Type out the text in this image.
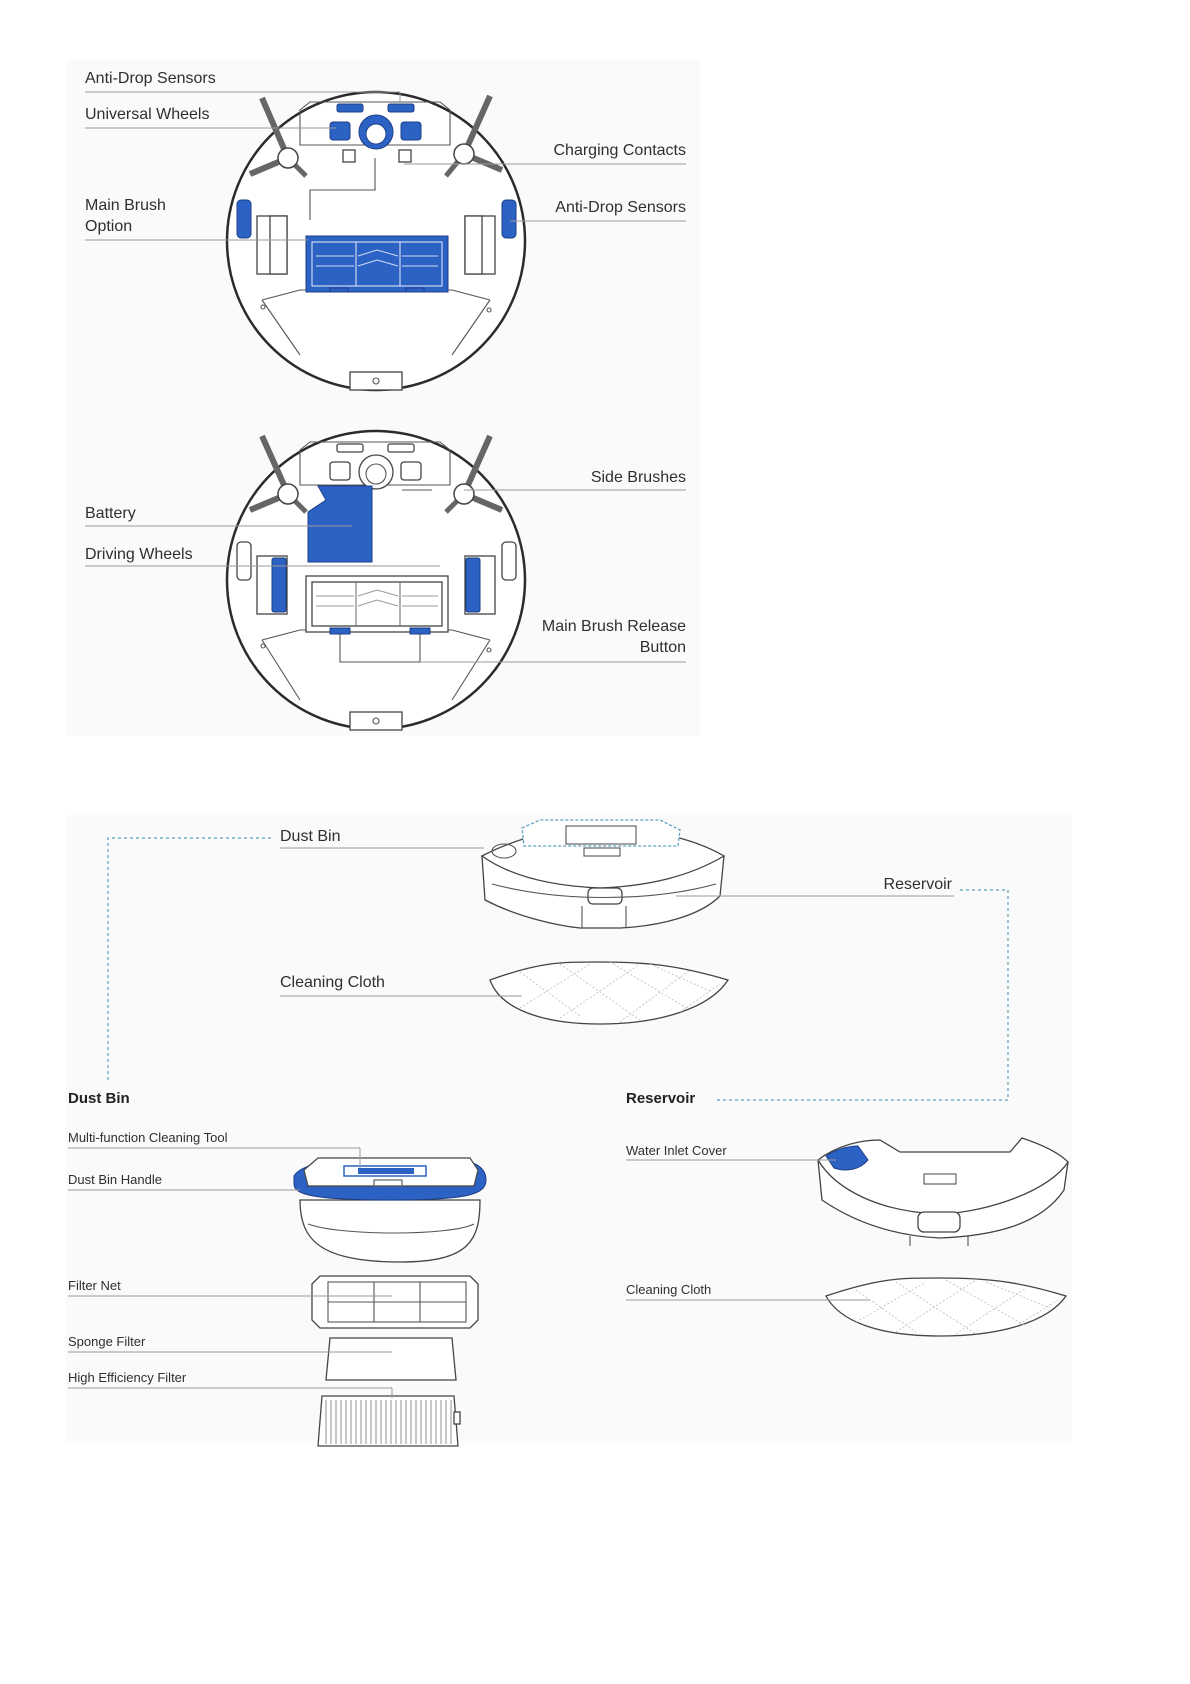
Anti-Drop Sensors
Universal Wheels
Charging Contacts
Main Brush
Option
Anti-Drop Sensors
Side Brushes
Battery
Driving Wheels
Main Brush Release
Button
Dust Bin
Reservoir
Cleaning Cloth
Dust Bin
Multi-function Cleaning Tool
Dust Bin Handle
Filter Net
Sponge Filter
High Efficiency Filter
Reservoir
Water Inlet Cover
Cleaning Cloth
